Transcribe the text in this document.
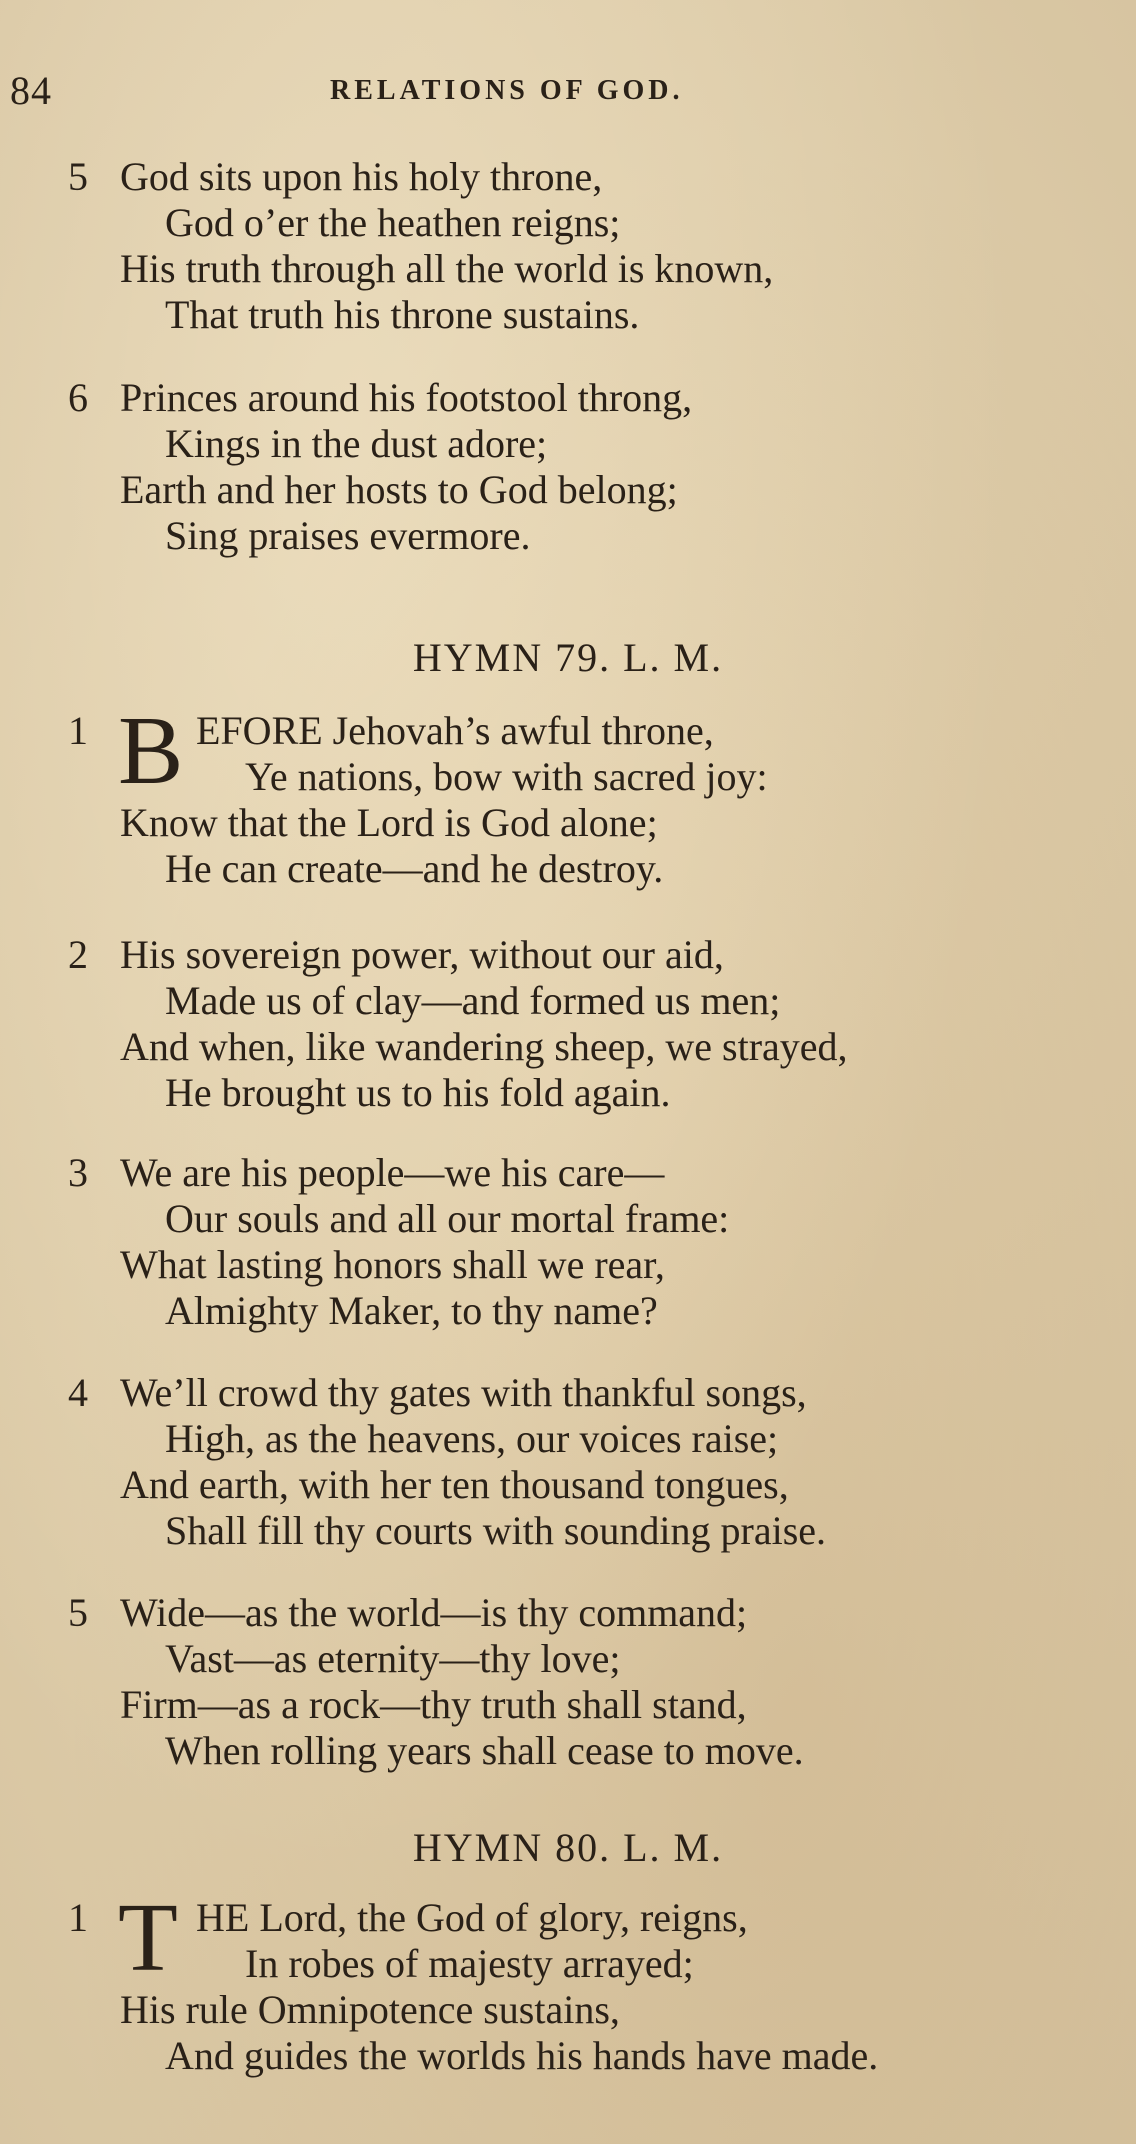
84	RELATIONS OF GOD.
5 God sits upon his holy throne,
God o’er the heathen reigns;
His truth through all the world is known,
That truth his throne sustains.
6 Princes around his footstool throng,
Kings in the dust adore;
Earth and her hosts to God belong;
Sing praises evermore.
HYMN 79. L. M.
1 B EFORE Jehovah’s awful throne,
Ye nations, bow with sacred joy:
Know that the Lord is God alone;
He can create—and he destroy.
2 His sovereign power, without our aid,
Made us of clay—and formed us men;
And when, like wandering sheep, we strayed,
He brought us to his fold again.
3 We are his people—we his care—
Our souls and all our mortal frame:
What lasting honors shall we rear,
Almighty Maker, to thy name?
4 We’ll crowd thy gates with thankful songs,
High, as the heavens, our voices raise;
And earth, with her ten thousand tongues,
Shall fill thy courts with sounding praise.
5 Wide—as the world—is thy command;
Vast—as eternity—thy love;
Firm—as a rock—thy truth shall stand,
When rolling years shall cease to move.
HYMN 80. L. M.
1 T HE Lord, the God of glory, reigns,
In robes of majesty arrayed;
His rule Omnipotence sustains,
And guides the worlds his hands have made.
